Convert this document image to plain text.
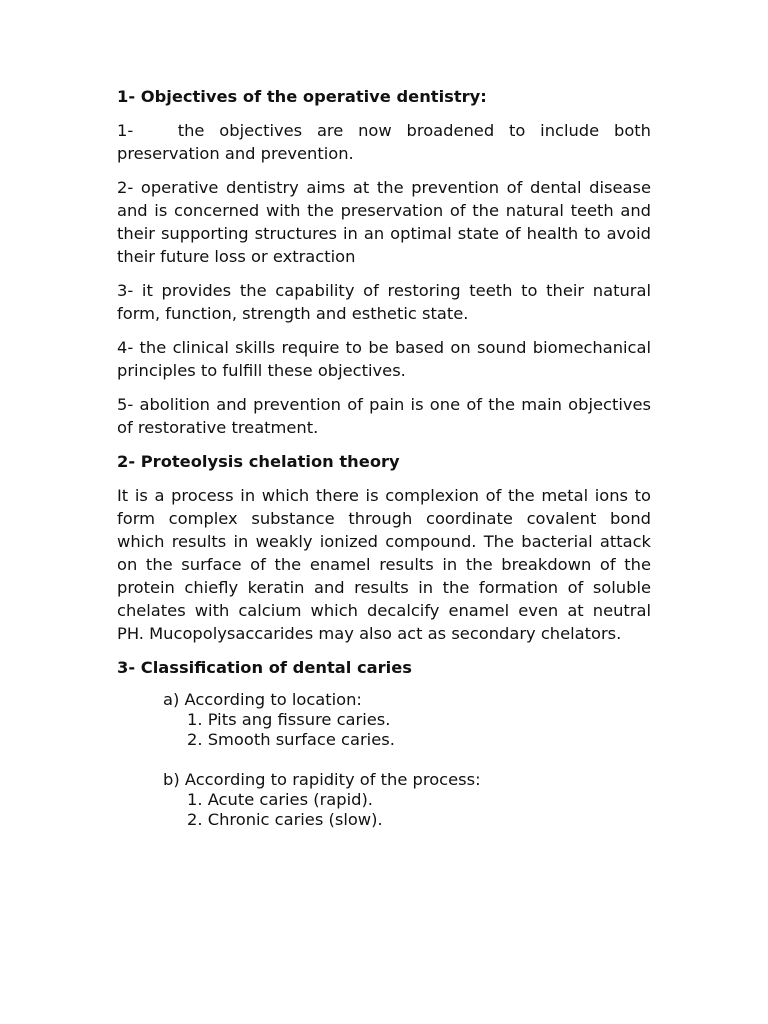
1- Objectives of the operative dentistry:
1-   the objectives are now broadened to include both preservation and prevention.
2- operative dentistry aims at the prevention of dental disease and is concerned with the preservation of the natural teeth and their supporting structures in an optimal state of health to avoid their future loss or extraction
3- it provides the capability of restoring teeth to their natural form, function, strength and esthetic state.
4- the clinical skills require to be based on sound biomechanical principles to fulfill these objectives.
5- abolition and prevention of pain is one of the main objectives of restorative treatment.
2- Proteolysis chelation theory
It is a process in which there is complexion of the metal ions to form complex substance through coordinate covalent bond which results in weakly ionized compound. The bacterial attack on the surface of the enamel results in the breakdown of the protein chiefly keratin and results in the formation of soluble chelates with calcium which decalcify enamel even at neutral PH. Mucopolysaccarides may also act as secondary chelators.
3- Classification of dental caries
a) According to location:
1. Pits ang fissure caries.
2. Smooth surface caries.
b) According to rapidity of the process:
1. Acute caries (rapid).
2. Chronic caries (slow).
